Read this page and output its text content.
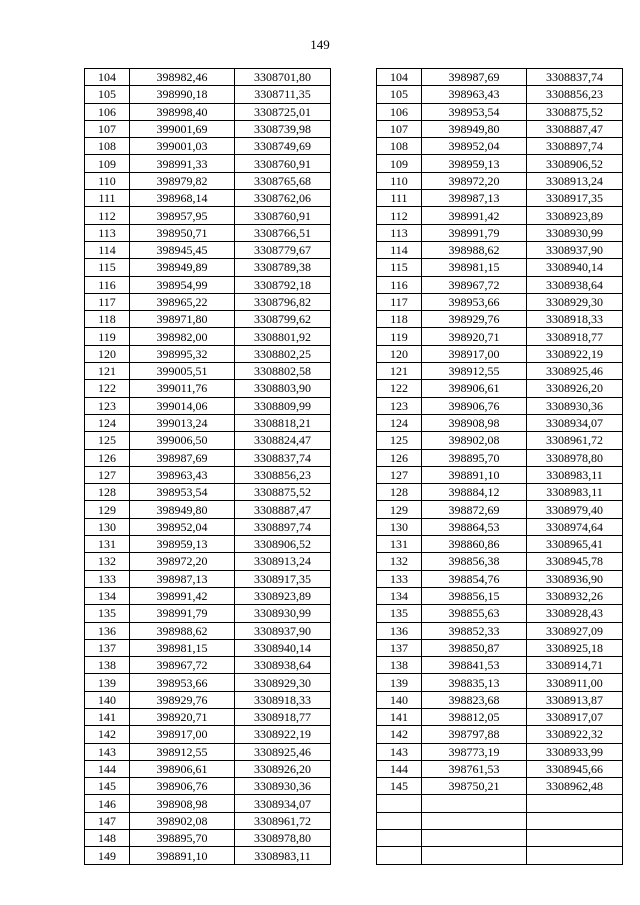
149
104	398982,46	3308701,80
105	398990,18	3308711,35
106	398998,40	3308725,01
107	399001,69	3308739,98
108	399001,03	3308749,69
109	398991,33	3308760,91
110	398979,82	3308765,68
111	398968,14	3308762,06
112	398957,95	3308760,91
113	398950,71	3308766,51
114	398945,45	3308779,67
115	398949,89	3308789,38
116	398954,99	3308792,18
117	398965,22	3308796,82
118	398971,80	3308799,62
119	398982,00	3308801,92
120	398995,32	3308802,25
121	399005,51	3308802,58
122	399011,76	3308803,90
123	399014,06	3308809,99
124	399013,24	3308818,21
125	399006,50	3308824,47
126	398987,69	3308837,74
127	398963,43	3308856,23
128	398953,54	3308875,52
129	398949,80	3308887,47
130	398952,04	3308897,74
131	398959,13	3308906,52
132	398972,20	3308913,24
133	398987,13	3308917,35
134	398991,42	3308923,89
135	398991,79	3308930,99
136	398988,62	3308937,90
137	398981,15	3308940,14
138	398967,72	3308938,64
139	398953,66	3308929,30
140	398929,76	3308918,33
141	398920,71	3308918,77
142	398917,00	3308922,19
143	398912,55	3308925,46
144	398906,61	3308926,20
145	398906,76	3308930,36
146	398908,98	3308934,07
147	398902,08	3308961,72
148	398895,70	3308978,80
149	398891,10	3308983,11
104	398987,69	3308837,74
105	398963,43	3308856,23
106	398953,54	3308875,52
107	398949,80	3308887,47
108	398952,04	3308897,74
109	398959,13	3308906,52
110	398972,20	3308913,24
111	398987,13	3308917,35
112	398991,42	3308923,89
113	398991,79	3308930,99
114	398988,62	3308937,90
115	398981,15	3308940,14
116	398967,72	3308938,64
117	398953,66	3308929,30
118	398929,76	3308918,33
119	398920,71	3308918,77
120	398917,00	3308922,19
121	398912,55	3308925,46
122	398906,61	3308926,20
123	398906,76	3308930,36
124	398908,98	3308934,07
125	398902,08	3308961,72
126	398895,70	3308978,80
127	398891,10	3308983,11
128	398884,12	3308983,11
129	398872,69	3308979,40
130	398864,53	3308974,64
131	398860,86	3308965,41
132	398856,38	3308945,78
133	398854,76	3308936,90
134	398856,15	3308932,26
135	398855,63	3308928,43
136	398852,33	3308927,09
137	398850,87	3308925,18
138	398841,53	3308914,71
139	398835,13	3308911,00
140	398823,68	3308913,87
141	398812,05	3308917,07
142	398797,88	3308922,32
143	398773,19	3308933,99
144	398761,53	3308945,66
145	398750,21	3308962,48
